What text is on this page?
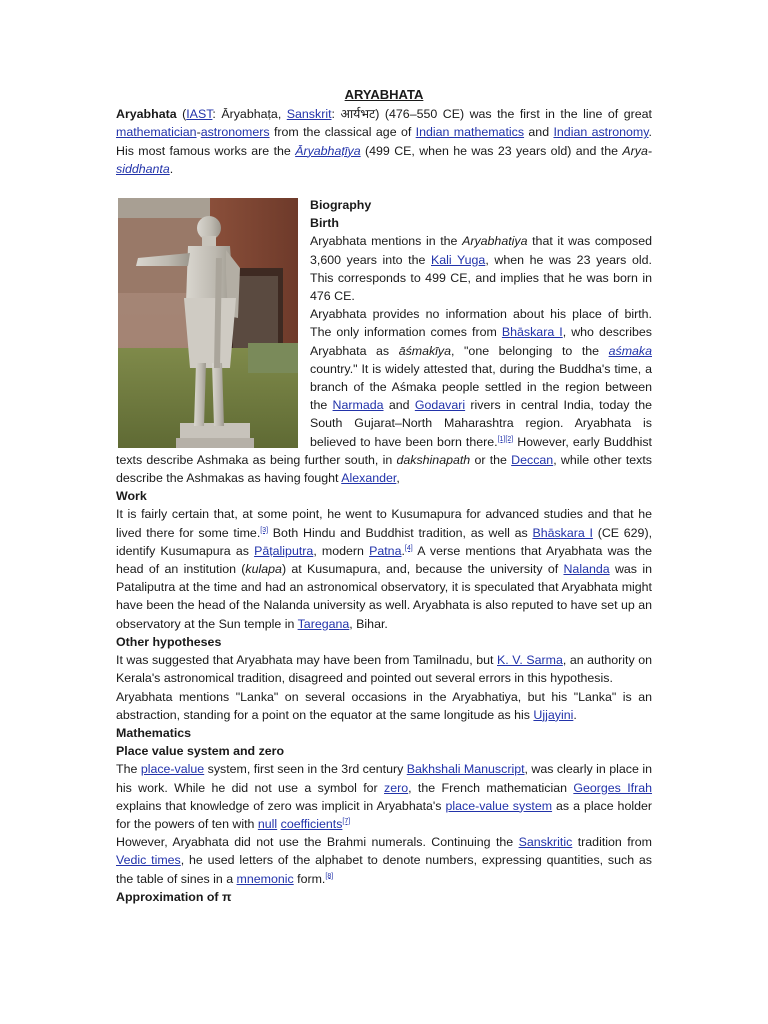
ARYABHATA

Aryabhata (IAST: Āryabhaṭa, Sanskrit: आर्यभट) (476–550 CE) was the first in the line of great mathematician-astronomers from the classical age of Indian mathematics and Indian astronomy. His most famous works are the Āryabhaṭīya (499 CE, when he was 23 years old) and the Arya-siddhanta.

Biography
Birth

Aryabhata mentions in the Aryabhatiya that it was composed 3,600 years into the Kali Yuga, when he was 23 years old. This corresponds to 499 CE, and implies that he was born in 476 CE.

Aryabhata provides no information about his place of birth. The only information comes from Bhāskara I, who describes Aryabhata as āśmakīya, "one belonging to the aśmaka country." It is widely attested that, during the Buddha's time, a branch of the Aśmaka people settled in the region between the Narmada and Godavari rivers in central India, today the South Gujarat–North Maharashtra region. Aryabhata is believed to have been born there.[1][2] However, early Buddhist texts describe Ashmaka as being further south, in dakshinapath or the Deccan, while other texts describe the Ashmakas as having fought Alexander,

Work

It is fairly certain that, at some point, he went to Kusumapura for advanced studies and that he lived there for some time.[3] Both Hindu and Buddhist tradition, as well as Bhāskara I (CE 629), identify Kusumapura as Pāṭaliputra, modern Patna.[4] A verse mentions that Aryabhata was the head of an institution (kulapa) at Kusumapura, and, because the university of Nalanda was in Pataliputra at the time and had an astronomical observatory, it is speculated that Aryabhata might have been the head of the Nalanda university as well. Aryabhata is also reputed to have set up an observatory at the Sun temple in Taregana, Bihar.

Other hypotheses

It was suggested that Aryabhata may have been from Tamilnadu, but K. V. Sarma, an authority on Kerala's astronomical tradition, disagreed and pointed out several errors in this hypothesis.

Aryabhata mentions "Lanka" on several occasions in the Aryabhatiya, but his "Lanka" is an abstraction, standing for a point on the equator at the same longitude as his Ujjayini.

Mathematics
Place value system and zero

The place-value system, first seen in the 3rd century Bakhshali Manuscript, was clearly in place in his work. While he did not use a symbol for zero, the French mathematician Georges Ifrah explains that knowledge of zero was implicit in Aryabhata's place-value system as a place holder for the powers of ten with null coefficients[7]

However, Aryabhata did not use the Brahmi numerals. Continuing the Sanskritic tradition from Vedic times, he used letters of the alphabet to denote numbers, expressing quantities, such as the table of sines in a mnemonic form.[8]

Approximation of π
